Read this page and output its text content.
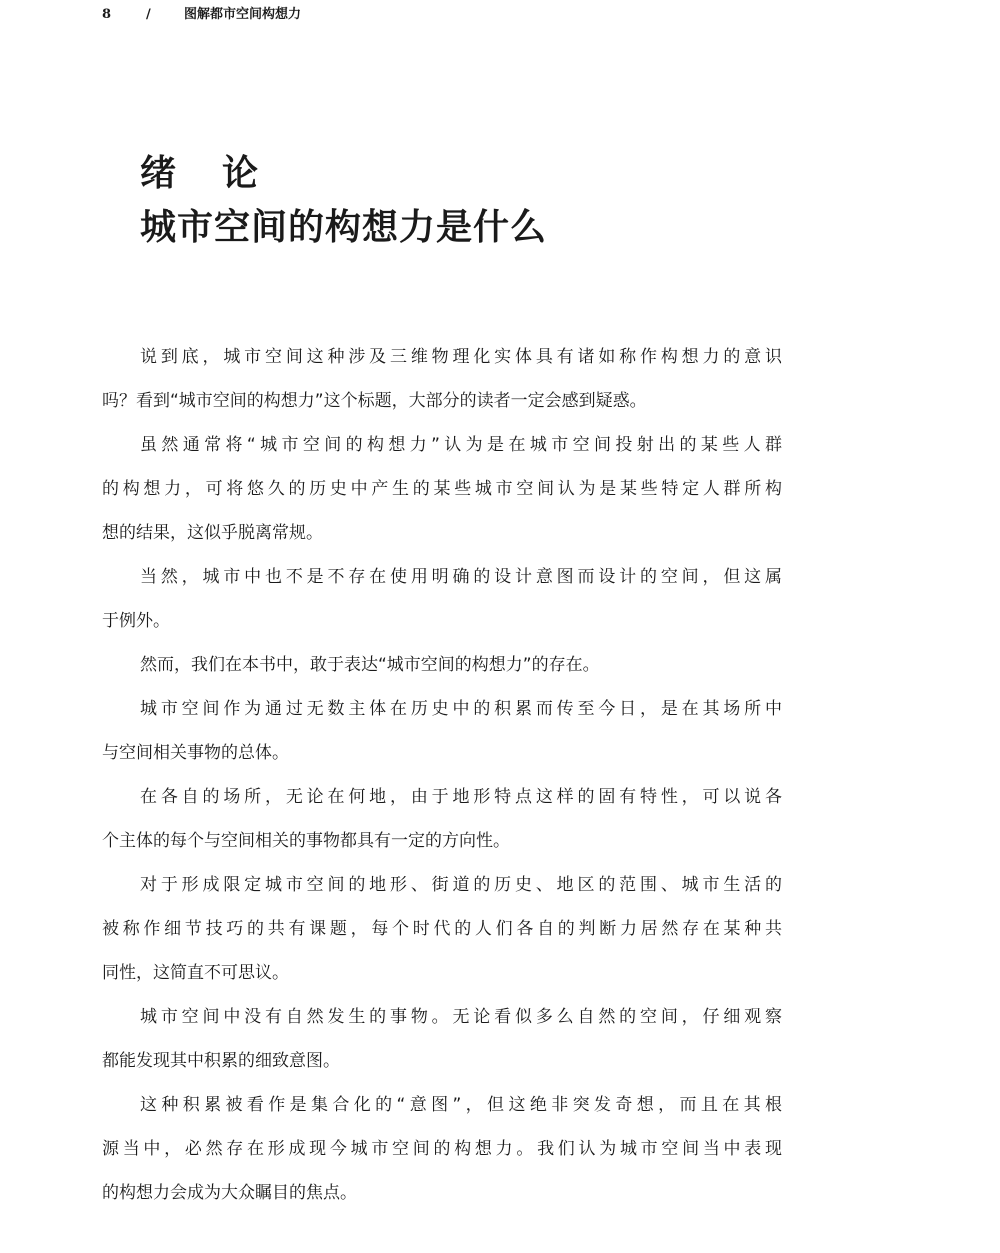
8	/	图解都市空间构想力
绪论
城市空间的构想力是什么
说到底，城市空间这种涉及三维物理化实体具有诸如称作构想力的意识
吗？看到“城市空间的构想力”这个标题，大部分的读者一定会感到疑惑。
虽然通常将“城市空间的构想力”认为是在城市空间投射出的某些人群
的构想力，可将悠久的历史中产生的某些城市空间认为是某些特定人群所构
想的结果，这似乎脱离常规。
当然，城市中也不是不存在使用明确的设计意图而设计的空间，但这属
于例外。
然而，我们在本书中，敢于表达“城市空间的构想力”的存在。
城市空间作为通过无数主体在历史中的积累而传至今日，是在其场所中
与空间相关事物的总体。
在各自的场所，无论在何地，由于地形特点这样的固有特性，可以说各
个主体的每个与空间相关的事物都具有一定的方向性。
对于形成限定城市空间的地形、街道的历史、地区的范围、城市生活的
被称作细节技巧的共有课题，每个时代的人们各自的判断力居然存在某种共
同性，这简直不可思议。
城市空间中没有自然发生的事物。无论看似多么自然的空间，仔细观察
都能发现其中积累的细致意图。
这种积累被看作是集合化的“意图”，但这绝非突发奇想，而且在其根
源当中，必然存在形成现今城市空间的构想力。我们认为城市空间当中表现
的构想力会成为大众瞩目的焦点。
